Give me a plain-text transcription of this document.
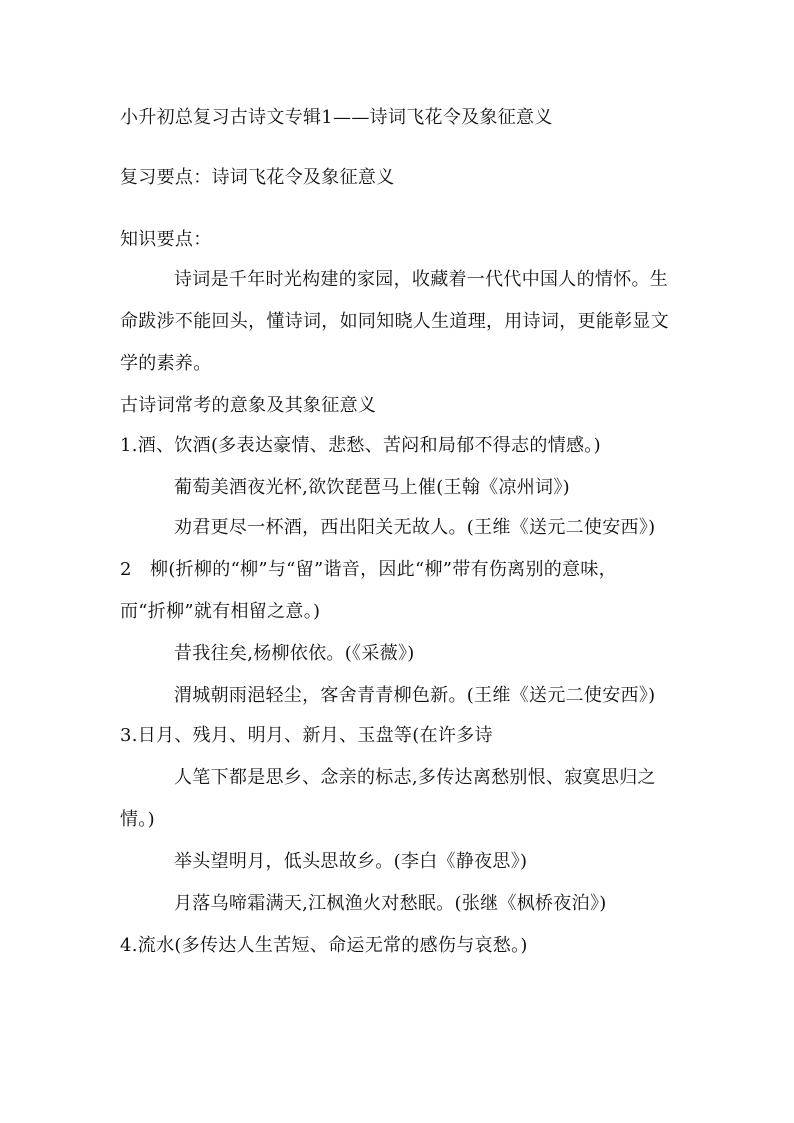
小升初总复习古诗文专辑1——诗词飞花令及象征意义
复习要点：诗词飞花令及象征意义
知识要点：
诗词是千年时光构建的家园，收藏着一代代中国人的情怀。生
命跋涉不能回头，懂诗词，如同知晓人生道理，用诗词，更能彰显文
学的素养。
古诗词常考的意象及其象征意义
1.酒、饮酒(多表达豪情、悲愁、苦闷和局郁不得志的情感。)
葡萄美酒夜光杯,欲饮琵琶马上催(王翰《凉州词》)
劝君更尽一杯酒，西出阳关无故人。(王维《送元二使安西》)
2　柳(折柳的“柳”与“留”谐音，因此“柳”带有伤离别的意味，
而“折柳”就有相留之意。)
昔我往矣,杨柳依依。(《采薇》)
渭城朝雨浥轻尘，客舍青青柳色新。(王维《送元二使安西》)
3.日月、残月、明月、新月、玉盘等(在许多诗
人笔下都是思乡、念亲的标志,多传达离愁别恨、寂寞思归之
情。)
举头望明月，低头思故乡。(李白《静夜思》)
月落乌啼霜满天,江枫渔火对愁眠。(张继《枫桥夜泊》)
4.流水(多传达人生苦短、命运无常的感伤与哀愁。)
